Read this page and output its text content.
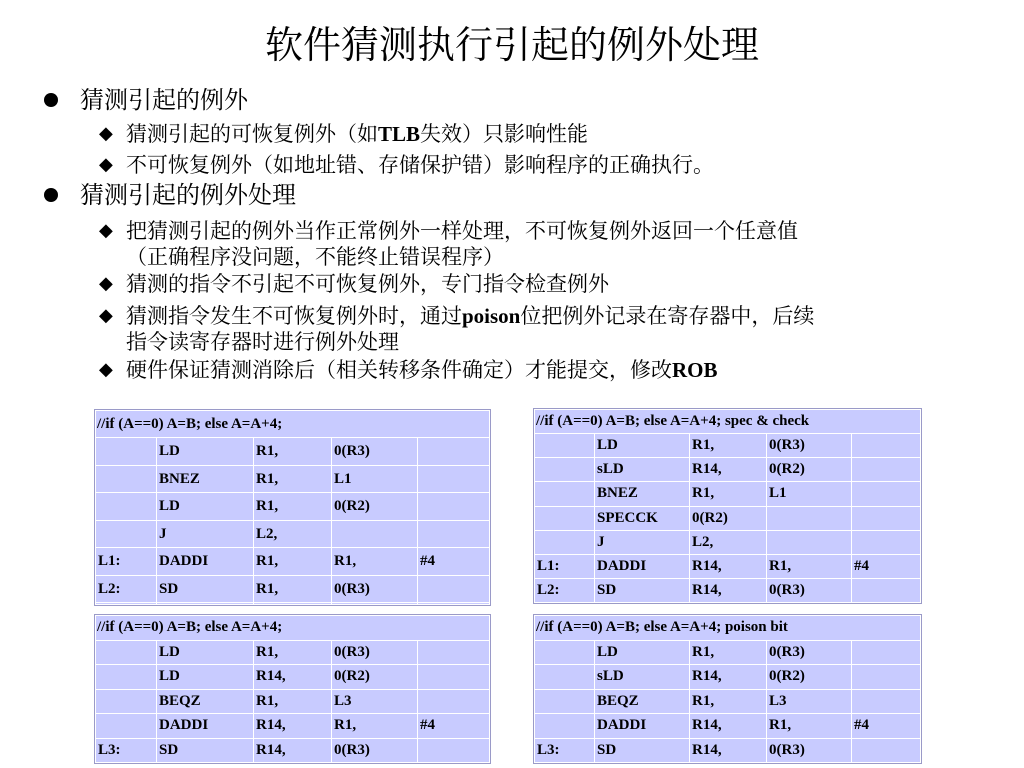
软件猜测执行引起的例外处理
猜测引起的例外
◆ 猜测引起的可恢复例外（如TLB失效）只影响性能
◆ 不可恢复例外（如地址错、存储保护错）影响程序的正确执行。
猜测引起的例外处理
◆ 把猜测引起的例外当作正常例外一样处理，不可恢复例外返回一个任意值
（正确程序没问题，不能终止错误程序）
◆ 猜测的指令不引起不可恢复例外，专门指令检查例外
◆ 猜测指令发生不可恢复例外时，通过poison位把例外记录在寄存器中，后续
指令读寄存器时进行例外处理
◆ 硬件保证猜测消除后（相关转移条件确定）才能提交，修改ROB
//if (A==0) A=B; else A=A+4;				
	LD	R1,	0(R3)	
	BNEZ	R1,	L1	
	LD	R1,	0(R2)	
	J	L2,		
L1:	DADDI	R1,	R1,	#4
L2:	SD	R1,	0(R3)	

//if (A==0) A=B; else A=A+4; spec & check				
	LD	R1,	0(R3)	
	sLD	R14,	0(R2)	
	BNEZ	R1,	L1	
	SPECCK	0(R2)		
	J	L2,		
L1:	DADDI	R14,	R1,	#4
L2:	SD	R14,	0(R3)	
//if (A==0) A=B; else A=A+4;				
	LD	R1,	0(R3)	
	LD	R14,	0(R2)	
	BEQZ	R1,	L3	
	DADDI	R14,	R1,	#4
L3:	SD	R14,	0(R3)	
//if (A==0) A=B; else A=A+4; poison bit				
	LD	R1,	0(R3)	
	sLD	R14,	0(R2)	
	BEQZ	R1,	L3	
	DADDI	R14,	R1,	#4
L3:	SD	R14,	0(R3)	
